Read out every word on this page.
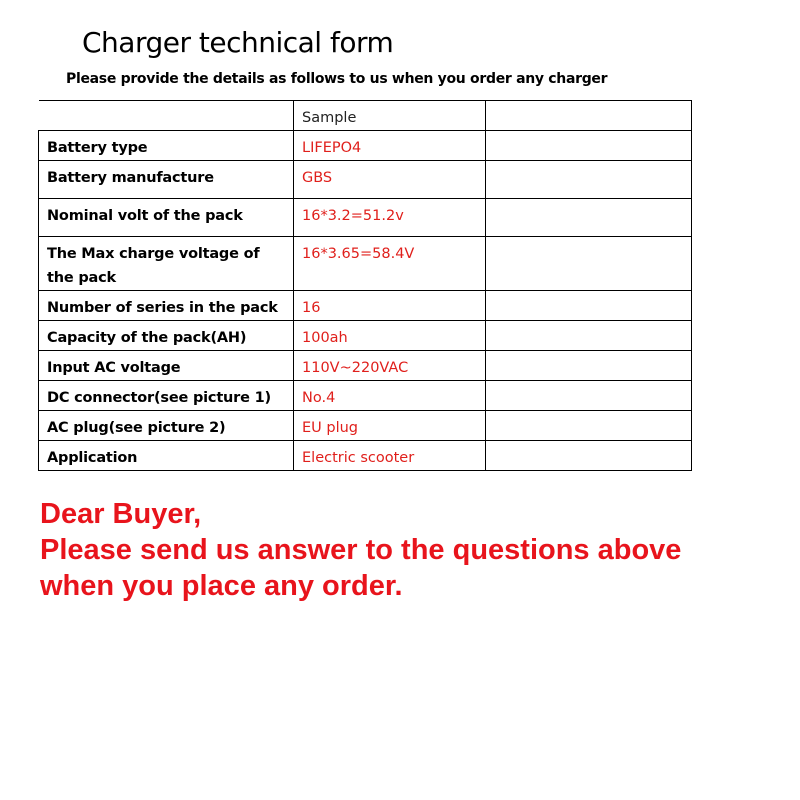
Charger technical form
Please provide the details as follows to us when you order any charger
	Sample	
Battery type	LIFEPO4	
Battery manufacture	GBS	
Nominal volt of the pack	16*3.2=51.2v	
The Max charge voltage of the pack	16*3.65=58.4V	
Number of series in the pack	16	
Capacity of the pack(AH)	100ah	
Input AC voltage	110V~220VAC	
DC connector(see picture 1)	No.4	
AC plug(see picture 2)	EU plug	
Application	Electric scooter	
Dear Buyer,
Please send us answer to the questions above
when you place any order.
